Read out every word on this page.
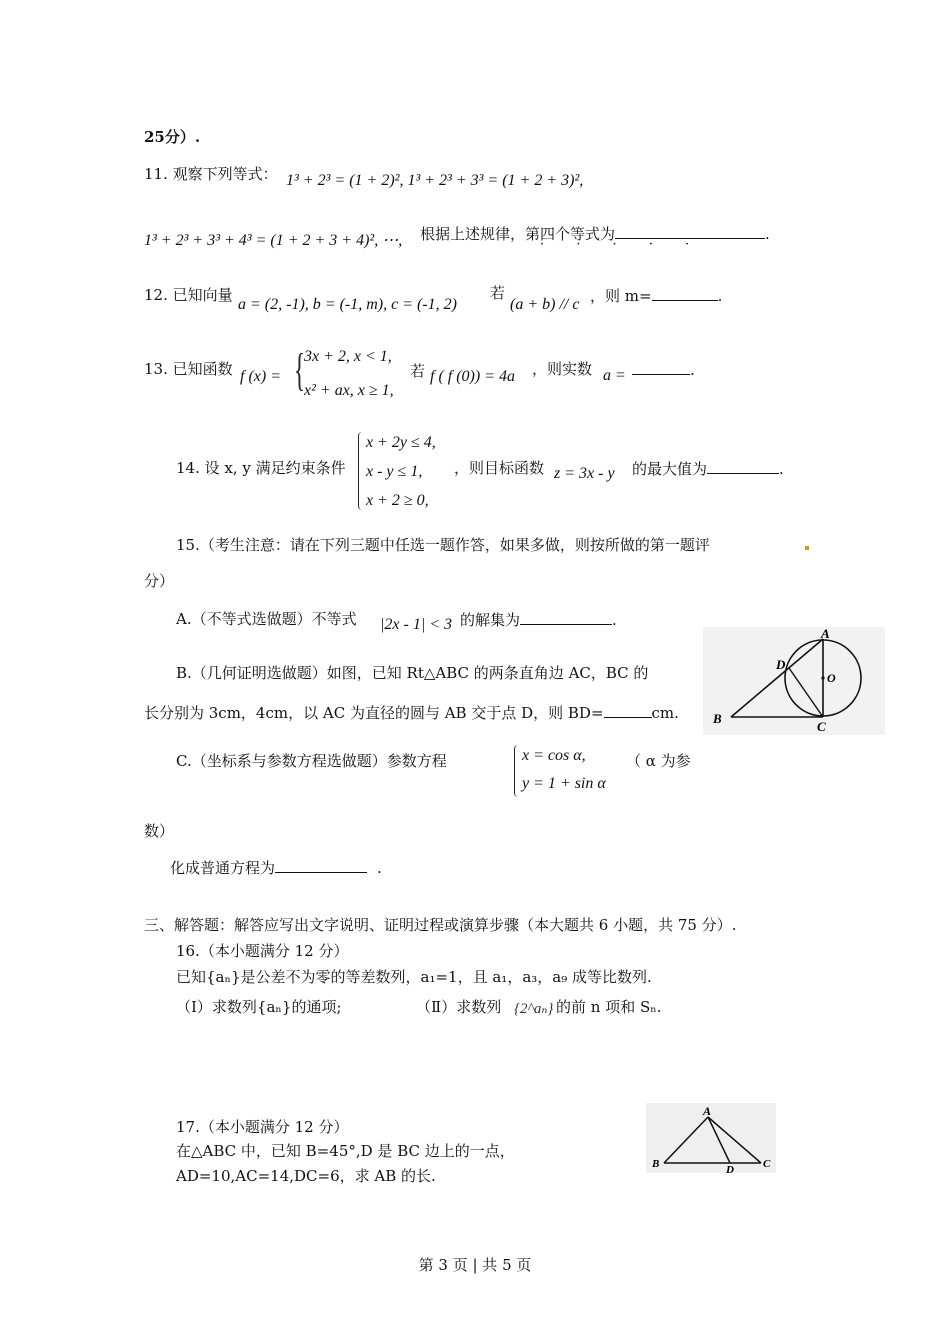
25分）.
11. 观察下列等式： 1³ + 2³ = (1 + 2)², 1³ + 2³ + 3³ = (1 + 2 + 3)²,
1³ + 2³ + 3³ + 4³ = (1 + 2 + 3 + 4)², ⋯, 根据上述规律，第四个等式为	.
· · · · ·
12. 已知向量
a = (2, -1), b = (-1, m), c = (-1, 2)
若
(a + b) // c ，则 m=	.
13. 已知函数 f (x) = {
3x + 2, x < 1,
x² + ax, x ≥ 1,
若 f ( f (0)) = 4a ，则实数 a =	.
14. 设 x, y 满足约束条件
x + 2y ≤ 4,
x - y ≤ 1,
x + 2 ≥ 0,
，则目标函数 z = 3x - y 的最大值为	.
15.（考生注意：请在下列三题中任选一题作答，如果多做，则按所做的第一题评
分）
A.（不等式选做题）不等式 |2x - 1| < 3 的解集为	.
B.（几何证明选做题）如图，已知 Rt△ABC 的两条直角边 AC，BC 的
长分别为 3cm，4cm，以 AC 为直径的圆与 AB 交于点 D，则 BD=	cm.
A
B
C
D
O
C.（坐标系与参数方程选做题）参数方程	x = cos α,
y = 1 + sin α
（ α 为参
数）
化成普通方程为	.
三、解答题：解答应写出文字说明、证明过程或演算步骤（本大题共 6 小题，共 75 分）.
16.（本小题满分 12 分）
已知{aₙ}是公差不为零的等差数列，a₁=1，且 a₁，a₃，a₉ 成等比数列.
（Ⅰ）求数列{aₙ}的通项;	（Ⅱ）求数列 {2^aₙ} 的前 n 项和 Sₙ.
17.（本小题满分 12 分）
在△ABC 中，已知 B=45°,D 是 BC 边上的一点，
AD=10,AC=14,DC=6，求 AB 的长.
A
B	C
D
第 3 页 | 共 5 页
